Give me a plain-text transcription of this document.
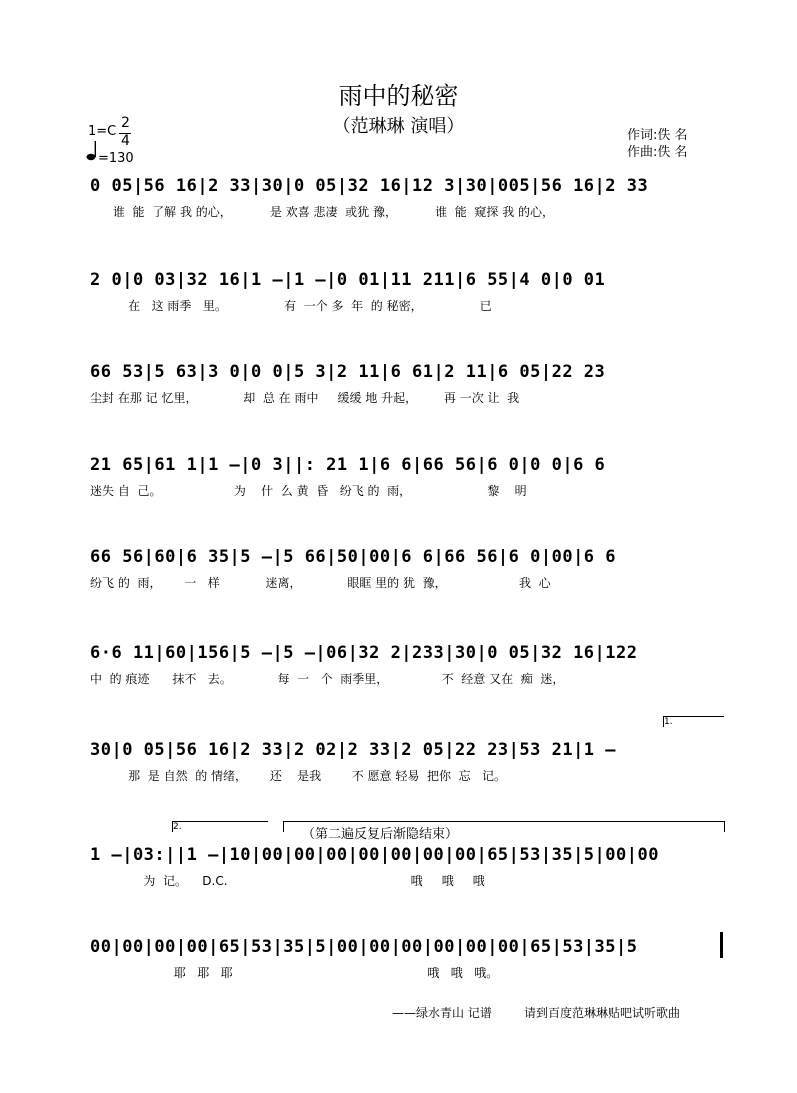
雨中的秘密
（范琳琳 演唱）
1=C
2
4
=130
作词:佚 名
作曲:佚 名
0 05|56 16|2 33|30|0 05|32 16|12 3|30|005|56 16|2 33
谁  能  了解 我 的心，          是 欢喜 悲凄  或犹 豫，          谁  能  窥探 我 的心，
2 0|0 03|32 16|1 –|1 –|0 01|11 211|6 55|4 0|0 01
在   这 雨季   里。               有  一个 多  年  的 秘密，               已
66 53|5 63|3 0|0 0|5 3|2 11|6 61|2 11|6 05|22 23
尘封 在那 记 忆里，            却  总 在 雨中     缓缓 地 升起，       再 一次 让  我
21 65|61 1|1 –|0 3||: 21 1|6 6|66 56|6 0|0 0|6 6
迷失 自  己。                   为    什  么 黄  昏   纷飞 的  雨，                    黎    明
66 56|60|6 35|5 –|5 66|50|00|6 6|66 56|6 0|00|6 6
纷飞 的  雨，      一   样            迷离，            眼眶 里的 犹  豫，                   我  心
6·6 11|60|156|5 –|5 –|06|32 2|233|30|0 05|32 16|122
中  的 痕迹      抹不   去。            每  一   个  雨季里，              不  经意 又在  痴  迷，
30|0 05|56 16|2 33|2 02|2 33|2 05|22 23|53 21|1 –
那  是 自然  的 情绪，      还    是我        不 愿意 轻易  把你  忘   记。
1 –|03:||1 –|10|00|00|00|00|00|00|00|65|53|35|5|00|00
为  记。    D.C.                                                哦     哦     哦
00|00|00|00|65|53|35|5|00|00|00|00|00|00|65|53|35|5
耶   耶   耶                                                   哦   哦   哦。
（第二遍反复后渐隐结束）
1.
2.
——绿水青山 记谱	请到百度范琳琳贴吧试听歌曲
